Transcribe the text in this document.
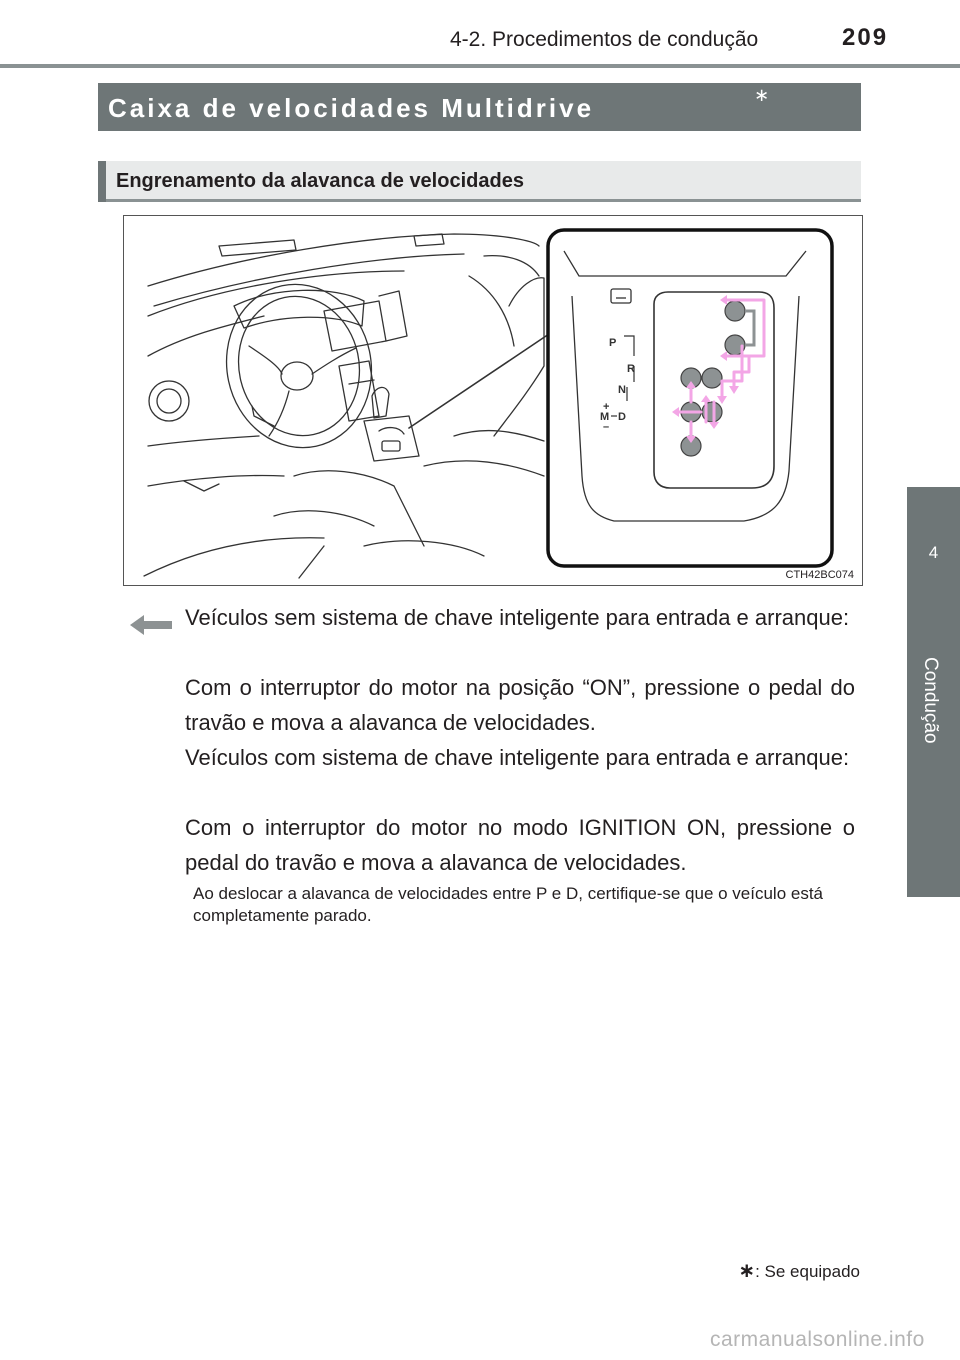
4-2. Procedimentos de condução	209
4
Condução
Caixa de velocidades Multidrive	∗
Engrenamento da alavanca de velocidades
P
R
N
+
M D
–
CTH42BC074
Veículos sem sistema de chave inteligente para entrada e arranque:
Com o interruptor do motor na posição “ON”, pressione o pedal do travão e mova a alavanca de velocidades.
Veículos com sistema de chave inteligente para entrada e arranque:
Com o interruptor do motor no modo IGNITION ON, pressione o pedal do travão e mova a alavanca de velocidades.
Ao deslocar a alavanca de velocidades entre P e D, certifique-se que o veículo está completamente parado.
∗: Se equipado
carmanualsonline.info
